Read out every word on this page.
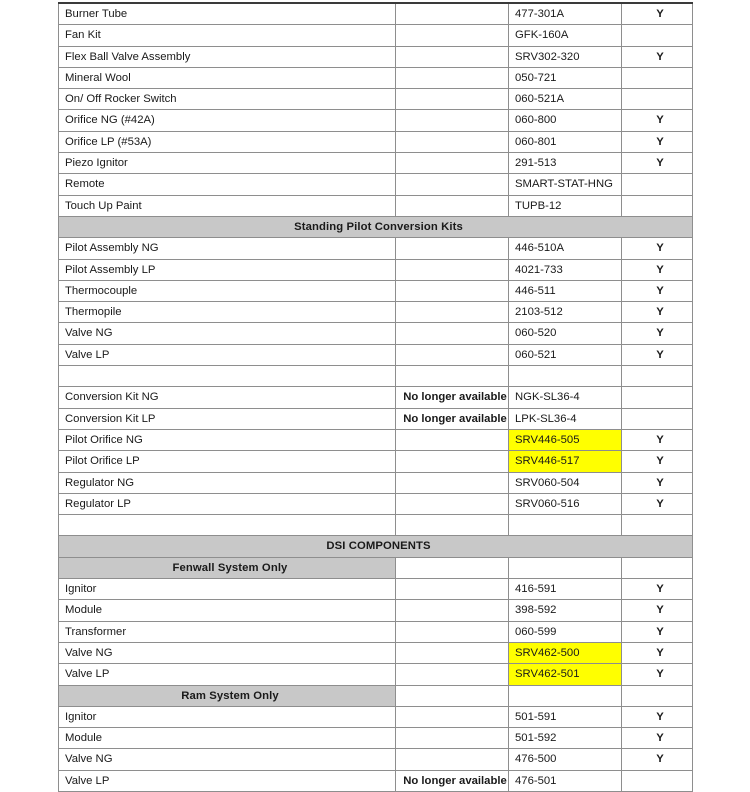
Burner Tube		477-301A	Y
Fan Kit		GFK-160A	
Flex Ball Valve Assembly		SRV302-320	Y
Mineral Wool		050-721	
On/ Off Rocker Switch		060-521A	
Orifice NG (#42A)		060-800	Y
Orifice LP (#53A)		060-801	Y
Piezo Ignitor		291-513	Y
Remote		SMART-STAT-HNG	
Touch Up Paint		TUPB-12	
Standing Pilot Conversion Kits			
Pilot Assembly NG		446-510A	Y
Pilot Assembly LP		4021-733	Y
Thermocouple		446-511	Y
Thermopile		2103-512	Y
Valve NG		060-520	Y
Valve LP		060-521	Y

Conversion Kit NG	No longer available	NGK-SL36-4	
Conversion Kit LP	No longer available	LPK-SL36-4	
Pilot Orifice NG		SRV446-505	Y
Pilot Orifice LP		SRV446-517	Y
Regulator NG		SRV060-504	Y
Regulator LP		SRV060-516	Y

DSI COMPONENTS			
Fenwall System Only			
Ignitor		416-591	Y
Module		398-592	Y
Transformer		060-599	Y
Valve NG		SRV462-500	Y
Valve LP		SRV462-501	Y
Ram System Only			
Ignitor		501-591	Y
Module		501-592	Y
Valve NG		476-500	Y
Valve LP	No longer available	476-501	
